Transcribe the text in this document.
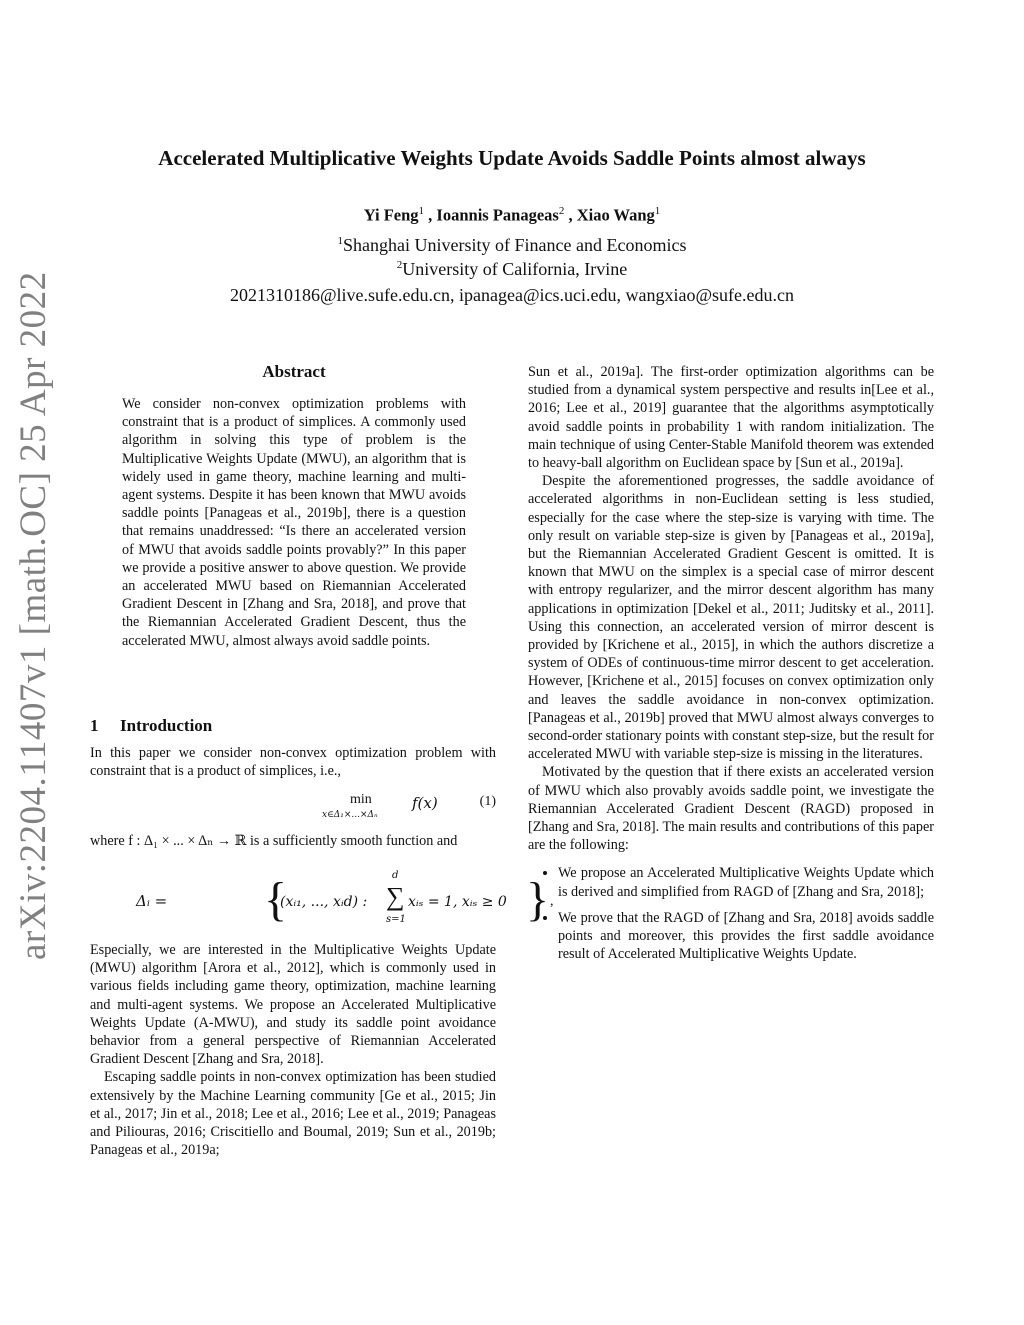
arXiv:2204.11407v1 [math.OC] 25 Apr 2022
Accelerated Multiplicative Weights Update Avoids Saddle Points almost always
Yi Feng$^1$ , Ioannis Panageas$^2$ , Xiao Wang$^1$
$^1$Shanghai University of Finance and Economics
$^2$University of California, Irvine
2021310186@live.sufe.edu.cn, ipanagea@ics.uci.edu, wangxiao@sufe.edu.cn
Abstract

We consider non-convex optimization problems with constraint that is a product of simplices. A commonly used algorithm in solving this type of problem is the Multiplicative Weights Update (MWU), an algorithm that is widely used in game theory, machine learning and multi-agent systems. Despite it has been known that MWU avoids saddle points [Panageas et al., 2019b], there is a question that remains unaddressed: “Is there an accelerated version of MWU that avoids saddle points provably?” In this paper we provide a positive answer to above question. We provide an accelerated MWU based on Riemannian Accelerated Gradient Descent in [Zhang and Sra, 2018], and prove that the Riemannian Accelerated Gradient Descent, thus the accelerated MWU, almost always avoid saddle points.

1 Introduction

In this paper we consider non-convex optimization problem with constraint that is a product of simplices, i.e.,

min
x∈Δ₁×...×Δₙ
f(x)	(1)

where f : Δ₁ × ... × Δₙ → ℝ is a sufficiently smooth function and

Δᵢ = {
(xᵢ₁, ..., xᵢd) : ∑
d
s=1
xᵢₛ = 1, xᵢₛ ≥ 0 } ,

Especially, we are interested in the Multiplicative Weights Update (MWU) algorithm [Arora et al., 2012], which is commonly used in various fields including game theory, optimization, machine learning and multi-agent systems. We propose an Accelerated Multiplicative Weights Update (A-MWU), and study its saddle point avoidance behavior from a general perspective of Riemannian Accelerated Gradient Descent [Zhang and Sra, 2018].

Escaping saddle points in non-convex optimization has been studied extensively by the Machine Learning community [Ge et al., 2015; Jin et al., 2017; Jin et al., 2018; Lee et al., 2016; Lee et al., 2019; Panageas and Piliouras, 2016; Criscitiello and Boumal, 2019; Sun et al., 2019b; Panageas et al., 2019a;

Sun et al., 2019a]. The first-order optimization algorithms can be studied from a dynamical system perspective and results in[Lee et al., 2016; Lee et al., 2019] guarantee that the algorithms asymptotically avoid saddle points in probability 1 with random initialization. The main technique of using Center-Stable Manifold theorem was extended to heavy-ball algorithm on Euclidean space by [Sun et al., 2019a].

Despite the aforementioned progresses, the saddle avoidance of accelerated algorithms in non-Euclidean setting is less studied, especially for the case where the step-size is varying with time. The only result on variable step-size is given by [Panageas et al., 2019a], but the Riemannian Accelerated Gradient Gescent is omitted. It is known that MWU on the simplex is a special case of mirror descent with entropy regularizer, and the mirror descent algorithm has many applications in optimization [Dekel et al., 2011; Juditsky et al., 2011]. Using this connection, an accelerated version of mirror descent is provided by [Krichene et al., 2015], in which the authors discretize a system of ODEs of continuous-time mirror descent to get acceleration. However, [Krichene et al., 2015] focuses on convex optimization only and leaves the saddle avoidance in non-convex optimization. [Panageas et al., 2019b] proved that MWU almost always converges to second-order stationary points with constant step-size, but the result for accelerated MWU with variable step-size is missing in the literatures.

Motivated by the question that if there exists an accelerated version of MWU which also provably avoids saddle point, we investigate the Riemannian Accelerated Gradient Descent (RAGD) proposed in [Zhang and Sra, 2018]. The main results and contributions of this paper are the following:

• We propose an Accelerated Multiplicative Weights Update which is derived and simplified from RAGD of [Zhang and Sra, 2018];
• We prove that the RAGD of [Zhang and Sra, 2018] avoids saddle points and moreover, this provides the first saddle avoidance result of Accelerated Multiplicative Weights Update.
